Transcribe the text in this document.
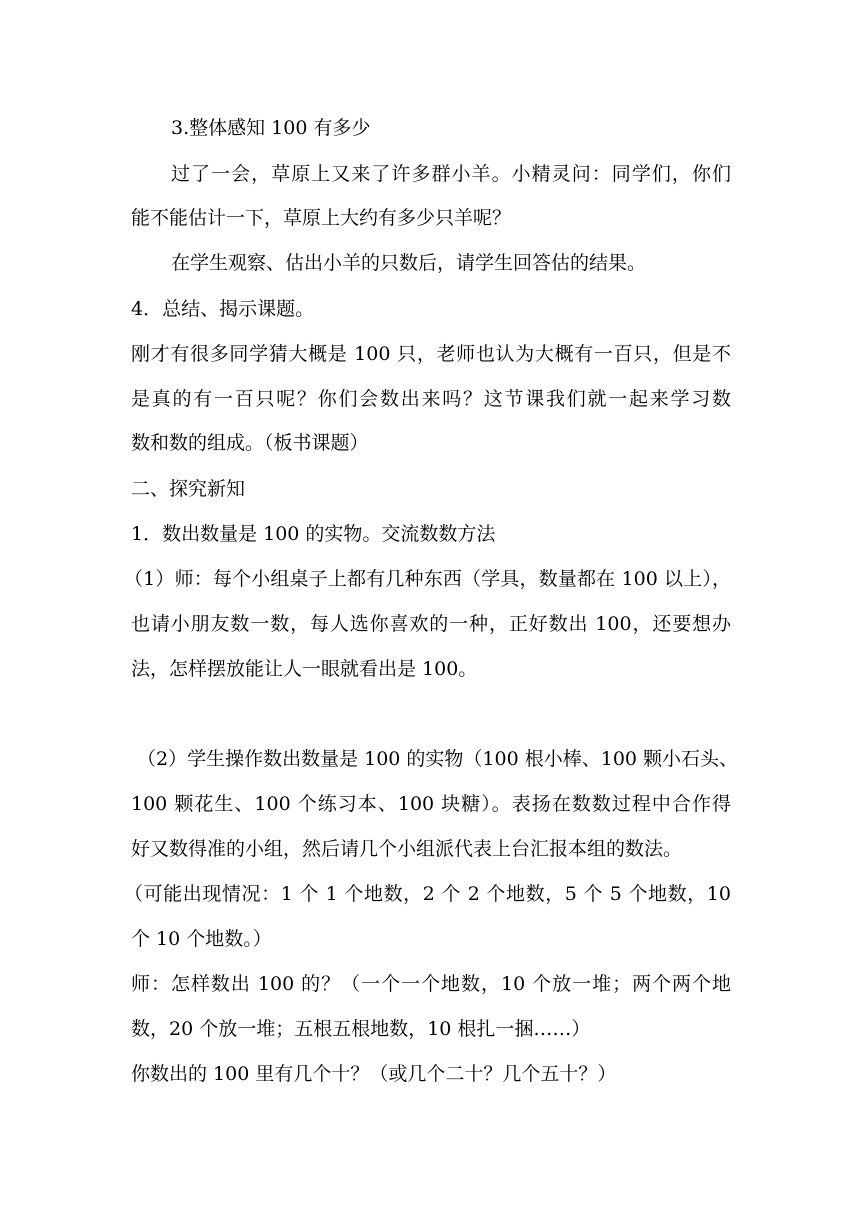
3.整体感知 100 有多少
过了一会，草原上又来了许多群小羊。小精灵问：同学们，你们
能不能估计一下，草原上大约有多少只羊呢？
在学生观察、估出小羊的只数后，请学生回答估的结果。
4．总结、揭示课题。
刚才有很多同学猜大概是 100 只，老师也认为大概有一百只，但是不
是真的有一百只呢？你们会数出来吗？这节课我们就一起来学习数
数和数的组成。（板书课题）
二、探究新知
1．数出数量是 100 的实物。交流数数方法
（1）师：每个小组桌子上都有几种东西（学具，数量都在 100 以上），
也请小朋友数一数，每人选你喜欢的一种，正好数出 100，还要想办
法，怎样摆放能让人一眼就看出是 100。
（2）学生操作数出数量是 100 的实物（100 根小棒、100 颗小石头、
100 颗花生、100 个练习本、100 块糖）。表扬在数数过程中合作得
好又数得准的小组，然后请几个小组派代表上台汇报本组的数法。
（可能出现情况：1 个 1 个地数，2 个 2 个地数，5 个 5 个地数，10
个 10 个地数。）
师：怎样数出 100 的？（一个一个地数，10 个放一堆；两个两个地
数，20 个放一堆；五根五根地数，10 根扎一捆……）
你数出的 100 里有几个十？（或几个二十？几个五十？）
